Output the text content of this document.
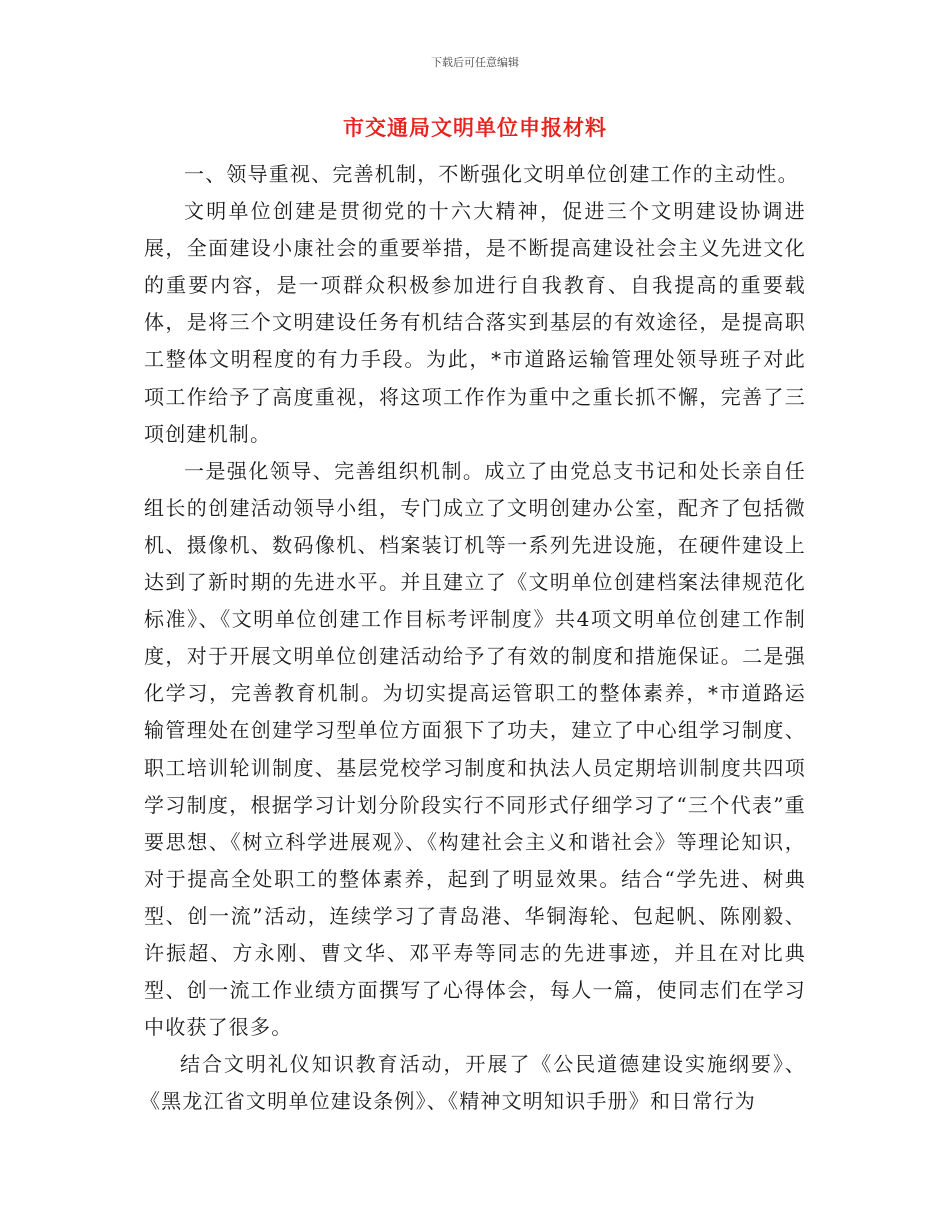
下载后可任意编辑
市交通局文明单位申报材料

一、领导重视、完善机制，不断强化文明单位创建工作的主动性。

文明单位创建是贯彻党的十六大精神，促进三个文明建设协调进展，全面建设小康社会的重要举措，是不断提高建设社会主义先进文化的重要内容，是一项群众积极参加进行自我教育、自我提高的重要载体，是将三个文明建设任务有机结合落实到基层的有效途径，是提高职工整体文明程度的有力手段。为此，*市道路运输管理处领导班子对此项工作给予了高度重视，将这项工作作为重中之重长抓不懈，完善了三项创建机制。

一是强化领导、完善组织机制。成立了由党总支书记和处长亲自任组长的创建活动领导小组，专门成立了文明创建办公室，配齐了包括微机、摄像机、数码像机、档案装订机等一系列先进设施，在硬件建设上达到了新时期的先进水平。并且建立了《文明单位创建档案法律规范化标准》、《文明单位创建工作目标考评制度》共4项文明单位创建工作制度，对于开展文明单位创建活动给予了有效的制度和措施保证。二是强化学习，完善教育机制。为切实提高运管职工的整体素养，*市道路运输管理处在创建学习型单位方面狠下了功夫，建立了中心组学习制度、职工培训轮训制度、基层党校学习制度和执法人员定期培训制度共四项学习制度，根据学习计划分阶段实行不同形式仔细学习了“三个代表”重要思想、《树立科学进展观》、《构建社会主义和谐社会》等理论知识，对于提高全处职工的整体素养，起到了明显效果。结合“学先进、树典型、创一流”活动，连续学习了青岛港、华铜海轮、包起帆、陈刚毅、许振超、方永刚、曹文华、邓平寿等同志的先进事迹，并且在对比典型、创一流工作业绩方面撰写了心得体会，每人一篇，使同志们在学习中收获了很多。

结合文明礼仪知识教育活动，开展了《公民道德建设实施纲要》、《黑龙江省文明单位建设条例》、《精神文明知识手册》和日常行为
